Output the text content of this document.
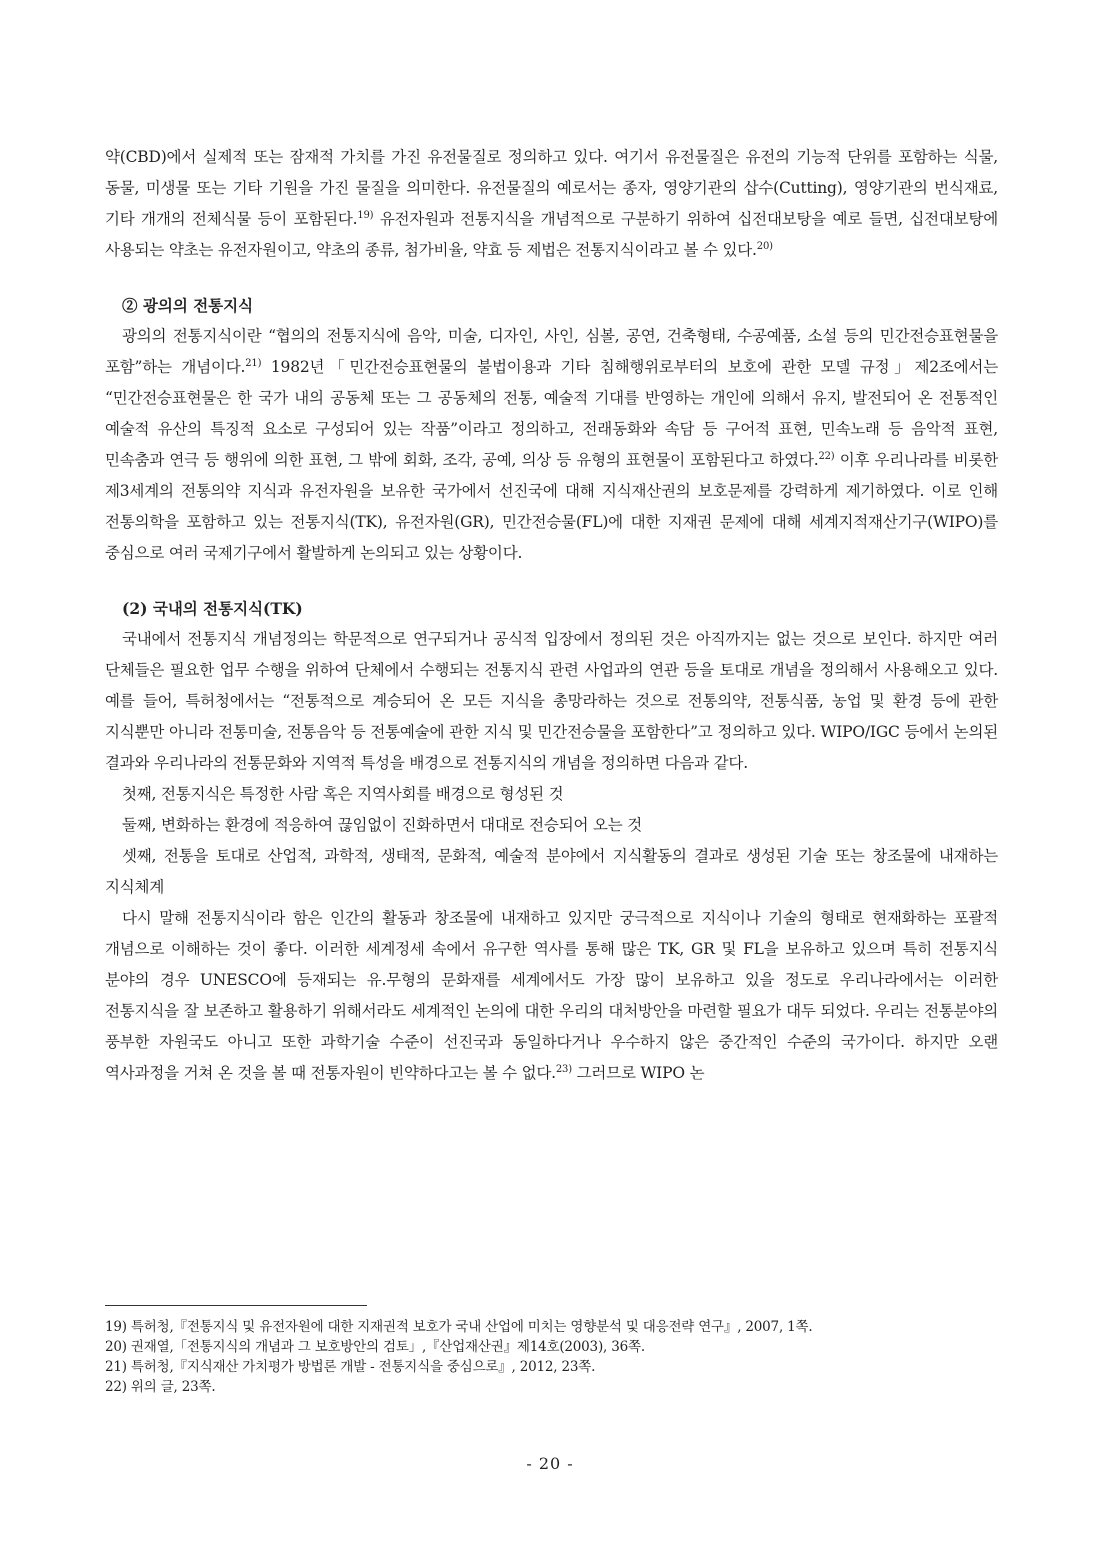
약(CBD)에서 실제적 또는 잠재적 가치를 가진 유전물질로 정의하고 있다. 여기서 유전물질은 유전의 기능적 단위를 포함하는 식물, 동물, 미생물 또는 기타 기원을 가진 물질을 의미한다. 유전물질의 예로서는 종자, 영양기관의 삽수(Cutting), 영양기관의 번식재료, 기타 개개의 전체식물 등이 포함된다.$^{19)}$ 유전자원과 전통지식을 개념적으로 구분하기 위하여 십전대보탕을 예로 들면, 십전대보탕에 사용되는 약초는 유전자원이고, 약초의 종류, 첨가비율, 약효 등 제법은 전통지식이라고 볼 수 있다.$^{20)}$

② 광의의 전통지식

광의의 전통지식이란 “협의의 전통지식에 음악, 미술, 디자인, 사인, 심볼, 공연, 건축형태, 수공예품, 소설 등의 민간전승표현물을 포함”하는 개념이다.$^{21)}$ 1982년「민간전승표현물의 불법이용과 기타 침해행위로부터의 보호에 관한 모델 규정」제2조에서는 “민간전승표현물은 한 국가 내의 공동체 또는 그 공동체의 전통, 예술적 기대를 반영하는 개인에 의해서 유지, 발전되어 온 전통적인 예술적 유산의 특징적 요소로 구성되어 있는 작품”이라고 정의하고, 전래동화와 속담 등 구어적 표현, 민속노래 등 음악적 표현, 민속춤과 연극 등 행위에 의한 표현, 그 밖에 회화, 조각, 공예, 의상 등 유형의 표현물이 포함된다고 하였다.$^{22)}$ 이후 우리나라를 비롯한 제3세계의 전통의약 지식과 유전자원을 보유한 국가에서 선진국에 대해 지식재산권의 보호문제를 강력하게 제기하였다. 이로 인해 전통의학을 포함하고 있는 전통지식(TK), 유전자원(GR), 민간전승물(FL)에 대한 지재권 문제에 대해 세계지적재산기구(WIPO)를 중심으로 여러 국제기구에서 활발하게 논의되고 있는 상황이다.

(2) 국내의 전통지식(TK)

국내에서 전통지식 개념정의는 학문적으로 연구되거나 공식적 입장에서 정의된 것은 아직까지는 없는 것으로 보인다. 하지만 여러 단체들은 필요한 업무 수행을 위하여 단체에서 수행되는 전통지식 관련 사업과의 연관 등을 토대로 개념을 정의해서 사용해오고 있다. 예를 들어, 특허청에서는 “전통적으로 계승되어 온 모든 지식을 총망라하는 것으로 전통의약, 전통식품, 농업 및 환경 등에 관한 지식뿐만 아니라 전통미술, 전통음악 등 전통예술에 관한 지식 및 민간전승물을 포함한다”고 정의하고 있다. WIPO/IGC 등에서 논의된 결과와 우리나라의 전통문화와 지역적 특성을 배경으로 전통지식의 개념을 정의하면 다음과 같다.

첫째, 전통지식은 특정한 사람 혹은 지역사회를 배경으로 형성된 것

둘째, 변화하는 환경에 적응하여 끊임없이 진화하면서 대대로 전승되어 오는 것

셋째, 전통을 토대로 산업적, 과학적, 생태적, 문화적, 예술적 분야에서 지식활동의 결과로 생성된 기술 또는 창조물에 내재하는 지식체계

다시 말해 전통지식이라 함은 인간의 활동과 창조물에 내재하고 있지만 궁극적으로 지식이나 기술의 형태로 현재화하는 포괄적 개념으로 이해하는 것이 좋다. 이러한 세계정세 속에서 유구한 역사를 통해 많은 TK, GR 및 FL을 보유하고 있으며 특히 전통지식 분야의 경우 UNESCO에 등재되는 유.무형의 문화재를 세계에서도 가장 많이 보유하고 있을 정도로 우리나라에서는 이러한 전통지식을 잘 보존하고 활용하기 위해서라도 세계적인 논의에 대한 우리의 대처방안을 마련할 필요가 대두 되었다. 우리는 전통분야의 풍부한 자원국도 아니고 또한 과학기술 수준이 선진국과 동일하다거나 우수하지 않은 중간적인 수준의 국가이다. 하지만 오랜 역사과정을 거쳐 온 것을 볼 때 전통자원이 빈약하다고는 볼 수 없다.$^{23)}$ 그러므로 WIPO 논

19) 특허청,『전통지식 및 유전자원에 대한 지재권적 보호가 국내 산업에 미치는 영향분석 및 대응전략 연구』, 2007, 1쪽.

20) 권재열,「전통지식의 개념과 그 보호방안의 검토」,『산업재산권』제14호(2003), 36쪽.

21) 특허청,『지식재산 가치평가 방법론 개발 - 전통지식을 중심으로』, 2012, 23쪽.

22) 위의 글, 23쪽.

- 20 -
